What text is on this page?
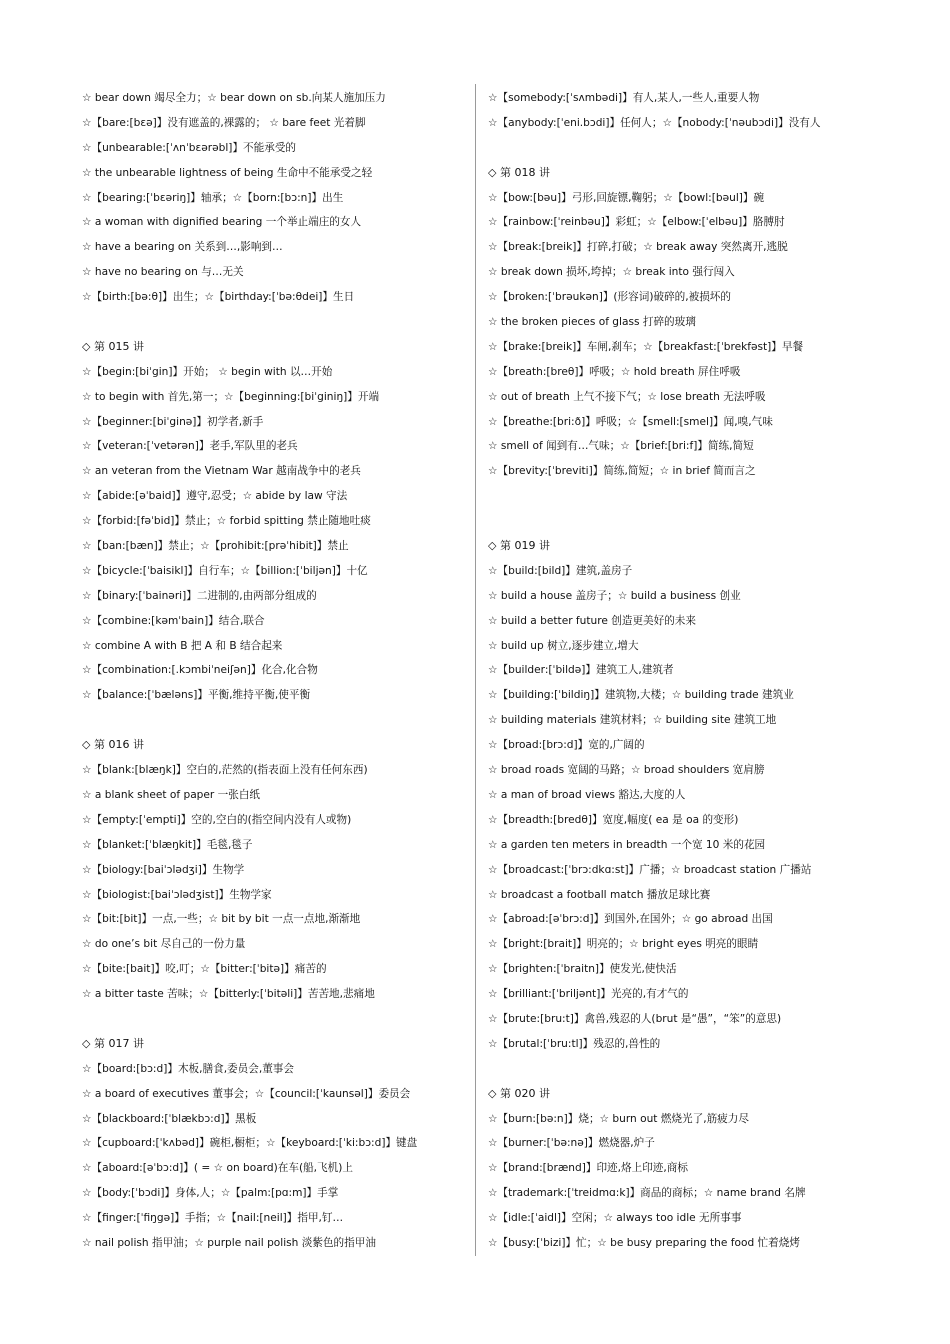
☆ bear down 竭尽全力；☆ bear down on sb.向某人施加压力
☆【bare:[bεə]】没有遮盖的,裸露的； ☆ bare feet 光着脚
☆【unbearable:[ˈʌnˈbεərəbl]】不能承受的
☆ the unbearable lightness of being 生命中不能承受之轻
☆【bearing:[ˈbεəriŋ]】轴承；☆【born:[bɔ:n]】出生
☆ a woman with dignified bearing 一个举止端庄的女人
☆ have a bearing on 关系到…,影响到…
☆ have no bearing on 与…无关
☆【birth:[bə:θ]】出生；☆【birthday:[ˈbə:θdei]】生日
◇ 第 015 讲
☆【begin:[biˈgin]】开始； ☆ begin with 以…开始
☆ to begin with 首先,第一；☆【beginning:[biˈginiŋ]】开端
☆【beginner:[biˈginə]】初学者,新手
☆【veteran:[ˈvetərən]】老手,军队里的老兵
☆ an veteran from the Vietnam War 越南战争中的老兵
☆【abide:[əˈbaid]】遵守,忍受；☆ abide by law 守法
☆【forbid:[fəˈbid]】禁止；☆ forbid spitting 禁止随地吐痰
☆【ban:[bæn]】禁止；☆【prohibit:[prəˈhibit]】禁止
☆【bicycle:[ˈbaisikl]】自行车；☆【billion:[ˈbiljən]】十亿
☆【binary:[ˈbainəri]】二进制的,由两部分组成的
☆【combine:[kəmˈbain]】结合,联合
☆ combine A with B 把 A 和 B 结合起来
☆【combination:[.kɔmbiˈneiʃən]】化合,化合物
☆【balance:[ˈbæləns]】平衡,维持平衡,使平衡
◇ 第 016 讲
☆【blank:[blæŋk]】空白的,茫然的(指表面上没有任何东西)
☆ a blank sheet of paper 一张白纸
☆【empty:[ˈempti]】空的,空白的(指空间内没有人或物)
☆【blanket:[ˈblæŋkit]】毛毯,毯子
☆【biology:[baiˈɔlədʒi]】生物学
☆【biologist:[baiˈɔlədʒist]】生物学家
☆【bit:[bit]】一点,一些；☆ bit by bit 一点一点地,渐渐地
☆ do one’s bit 尽自己的一份力量
☆【bite:[bait]】咬,叮；☆【bitter:[ˈbitə]】痛苦的
☆ a bitter taste 苦味；☆【bitterly:[ˈbitəli]】苦苦地,悲痛地
◇ 第 017 讲
☆【board:[bɔ:d]】木板,膳食,委员会,董事会
☆ a board of executives 董事会；☆【council:[ˈkaunsəl]】委员会
☆【blackboard:[ˈblækbɔ:d]】黑板
☆【cupboard:[ˈkʌbəd]】碗柜,橱柜；☆【keyboard:[ˈki:bɔ:d]】键盘
☆【aboard:[əˈbɔ:d]】( = ☆ on board)在车(船,飞机)上
☆【body:[ˈbɔdi]】身体,人；☆【palm:[pɑ:m]】手掌
☆【finger:[ˈfiŋgə]】手指；☆【nail:[neil]】指甲,钉…
☆ nail polish 指甲油；☆ purple nail polish 淡紫色的指甲油
☆【somebody:[ˈsʌmbədi]】有人,某人,一些人,重要人物
☆【anybody:[ˈeni.bɔdi]】任何人；☆【nobody:[ˈnəubɔdi]】没有人
◇ 第 018 讲
☆【bow:[bəu]】弓形,回旋镖,鞠躬；☆【bowl:[bəul]】碗
☆【rainbow:[ˈreinbəu]】彩虹；☆【elbow:[ˈelbəu]】胳膊肘
☆【break:[breik]】打碎,打破；☆ break away 突然离开,逃脱
☆ break down 损坏,垮掉；☆ break into 强行闯入
☆【broken:[ˈbrəukən]】(形容词)破碎的,被损坏的
☆ the broken pieces of glass 打碎的玻璃
☆【brake:[breik]】车闸,刹车；☆【breakfast:[ˈbrekfəst]】早餐
☆【breath:[breθ]】呼吸；☆ hold breath 屏住呼吸
☆ out of breath 上气不接下气；☆ lose breath 无法呼吸
☆【breathe:[bri:ð]】呼吸；☆【smell:[smel]】闻,嗅,气味
☆ smell of 闻到有…气味；☆【brief:[bri:f]】简练,简短
☆【brevity:[ˈbreviti]】简练,简短；☆ in brief 简而言之
◇ 第 019 讲
☆【build:[bild]】建筑,盖房子
☆ build a house 盖房子；☆ build a business 创业
☆ build a better future 创造更美好的未来
☆ build up 树立,逐步建立,增大
☆【builder:[ˈbildə]】建筑工人,建筑者
☆【building:[ˈbildiŋ]】建筑物,大楼；☆ building trade 建筑业
☆ building materials 建筑材料；☆ building site 建筑工地
☆【broad:[brɔ:d]】宽的,广阔的
☆ broad roads 宽阔的马路；☆ broad shoulders 宽肩膀
☆ a man of broad views 豁达,大度的人
☆【breadth:[bredθ]】宽度,幅度( ea 是 oa 的变形)
☆ a garden ten meters in breadth 一个宽 10 米的花园
☆【broadcast:[ˈbrɔ:dkɑ:st]】广播；☆ broadcast station 广播站
☆ broadcast a football match 播放足球比赛
☆【abroad:[əˈbrɔ:d]】到国外,在国外；☆ go abroad 出国
☆【bright:[brait]】明亮的；☆ bright eyes 明亮的眼睛
☆【brighten:[ˈbraitn]】使发光,使快活
☆【brilliant:[ˈbriljənt]】光亮的,有才气的
☆【brute:[bru:t]】禽兽,残忍的人(brut 是“愚”，“笨”的意思)
☆【brutal:[ˈbru:tl]】残忍的,兽性的
◇ 第 020 讲
☆【burn:[bə:n]】烧；☆ burn out 燃烧光了,筋疲力尽
☆【burner:[ˈbə:nə]】燃烧器,炉子
☆【brand:[brænd]】印迹,烙上印迹,商标
☆【trademark:[ˈtreidmɑ:k]】商品的商标；☆ name brand 名牌
☆【idle:[ˈaidl]】空闲；☆ always too idle 无所事事
☆【busy:[ˈbizi]】忙；☆ be busy preparing the food 忙着烧烤
